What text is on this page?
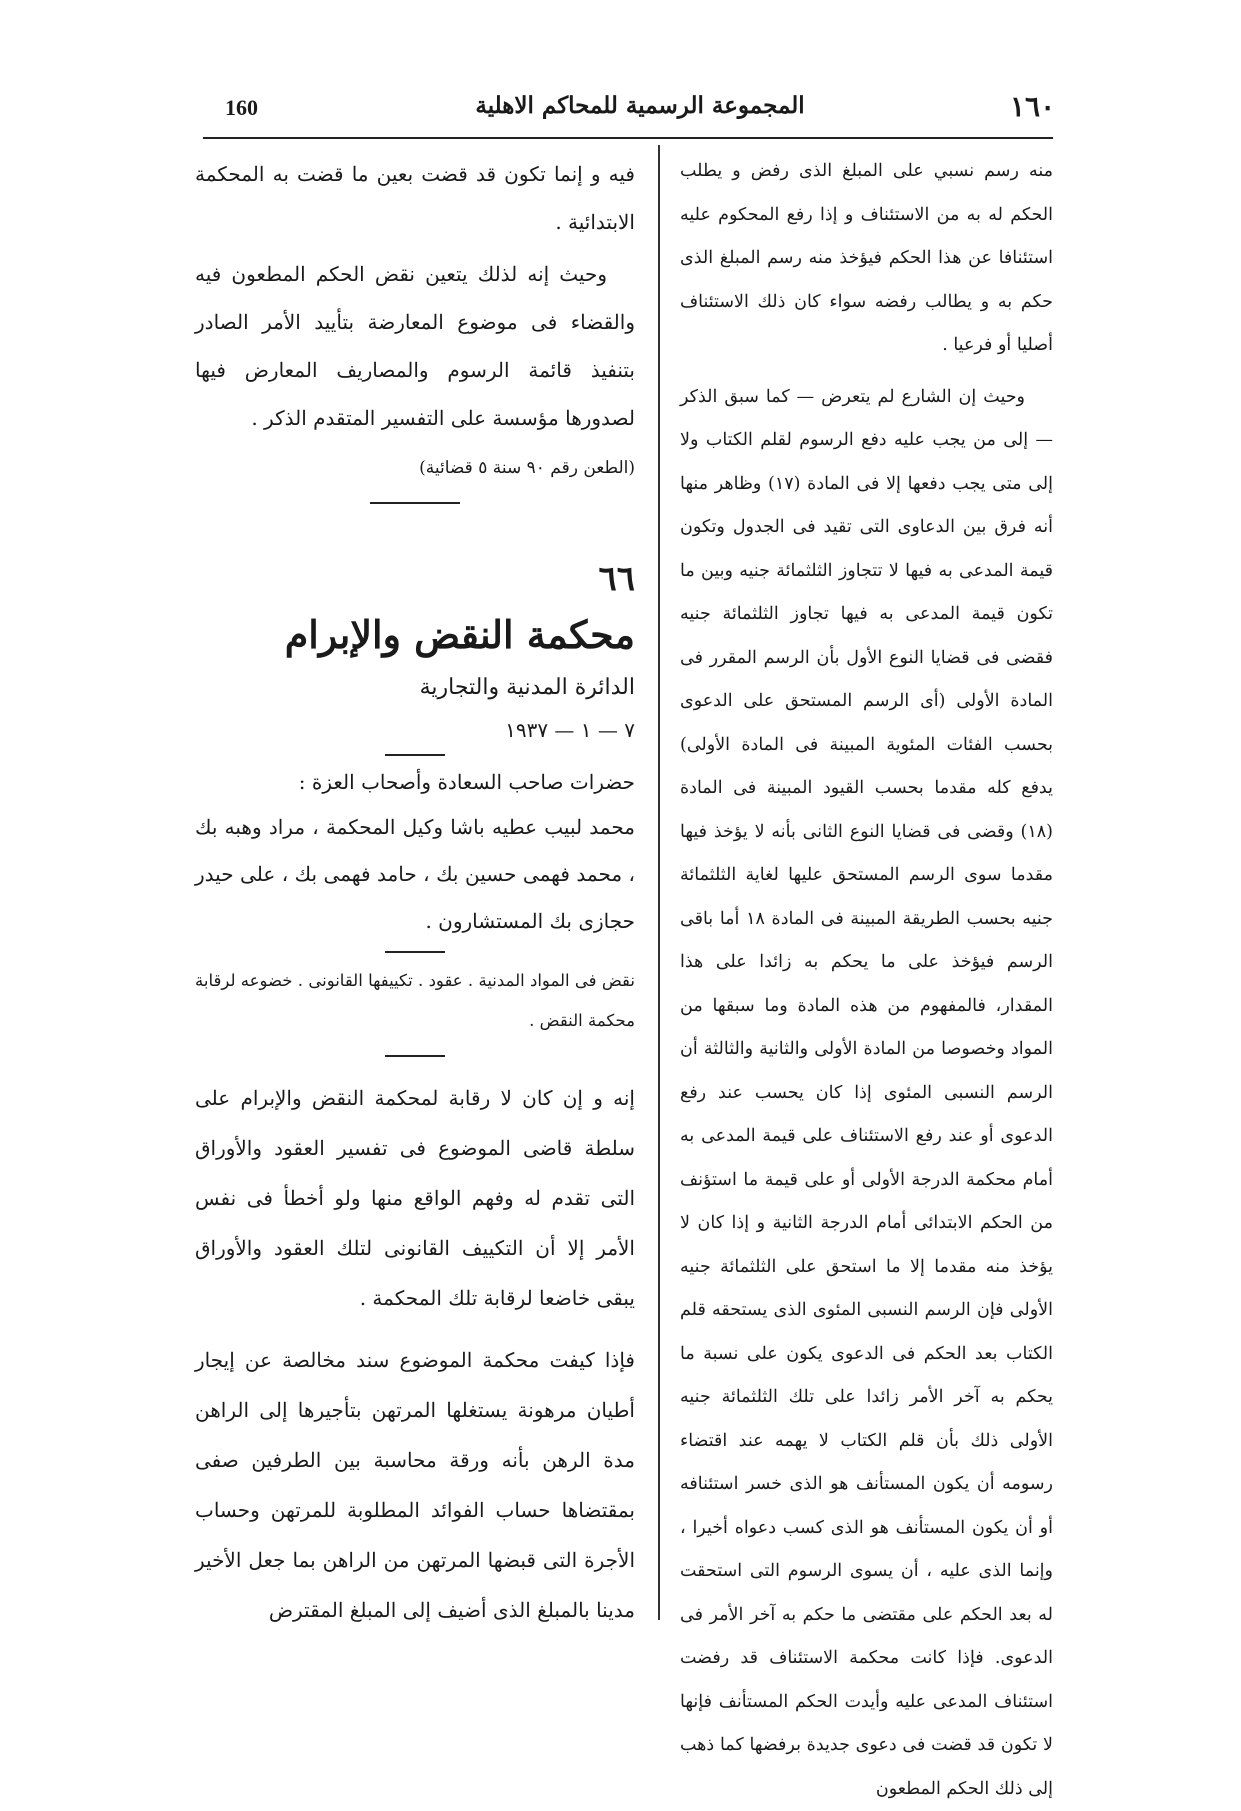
160	المجموعة الرسمية للمحاكم الاهلية	١٦٠

منه رسم نسبي على المبلغ الذى رفض و يطلب الحكم له به من الاستئناف و إذا رفع المحكوم عليه استئنافا عن هذا الحكم فيؤخذ منه رسم المبلغ الذى حكم به و يطالب رفضه سواء كان ذلك الاستئناف أصليا أو فرعيا .

وحيث إن الشارع لم يتعرض — كما سبق الذكر — إلى من يجب عليه دفع الرسوم لقلم الكتاب ولا إلى متى يجب دفعها إلا فى المادة (١٧) وظاهر منها أنه فرق بين الدعاوى التى تقيد فى الجدول وتكون قيمة المدعى به فيها لا تتجاوز الثلثمائة جنيه وبين ما تكون قيمة المدعى به فيها تجاوز الثلثمائة جنيه فقضى فى قضايا النوع الأول بأن الرسم المقرر فى المادة الأولى (أى الرسم المستحق على الدعوى بحسب الفئات المئوية المبينة فى المادة الأولى) يدفع كله مقدما بحسب القيود المبينة فى المادة (١٨) وقضى فى قضايا النوع الثانى بأنه لا يؤخذ فيها مقدما سوى الرسم المستحق عليها لغاية الثلثمائة جنيه بحسب الطريقة المبينة فى المادة ١٨ أما باقى الرسم فيؤخذ على ما يحكم به زائدا على هذا المقدار، فالمفهوم من هذه المادة وما سبقها من المواد وخصوصا من المادة الأولى والثانية والثالثة أن الرسم النسبى المئوى إذا كان يحسب عند رفع الدعوى أو عند رفع الاستئناف على قيمة المدعى به أمام محكمة الدرجة الأولى أو على قيمة ما استؤنف من الحكم الابتدائى أمام الدرجة الثانية و إذا كان لا يؤخذ منه مقدما إلا ما استحق على الثلثمائة جنيه الأولى فإن الرسم النسبى المئوى الذى يستحقه قلم الكتاب بعد الحكم فى الدعوى يكون على نسبة ما يحكم به آخر الأمر زائدا على تلك الثلثمائة جنيه الأولى ذلك بأن قلم الكتاب لا يهمه عند اقتضاء رسومه أن يكون المستأنف هو الذى خسر استئنافه أو أن يكون المستأنف هو الذى كسب دعواه أخيرا ، وإنما الذى عليه ، أن يسوى الرسوم التى استحقت له بعد الحكم على مقتضى ما حكم به آخر الأمر فى الدعوى. فإذا كانت محكمة الاستئناف قد رفضت استئناف المدعى عليه وأيدت الحكم المستأنف فإنها لا تكون قد قضت فى دعوى جديدة برفضها كما ذهب إلى ذلك الحكم المطعون

فيه و إنما تكون قد قضت بعين ما قضت به المحكمة الابتدائية .

وحيث إنه لذلك يتعين نقض الحكم المطعون فيه والقضاء فى موضوع المعارضة بتأييد الأمر الصادر بتنفيذ قائمة الرسوم والمصاريف المعارض فيها لصدورها مؤسسة على التفسير المتقدم الذكر .

(الطعن رقم ٩٠ سنة ٥ قضائية)

٦٦
محكمة النقض والإبرام
الدائرة المدنية والتجارية
٧ — ١ — ١٩٣٧

حضرات صاحب السعادة وأصحاب العزة :

محمد لبيب عطيه باشا وكيل المحكمة ، مراد وهبه بك ، محمد فهمى حسين بك ، حامد فهمى بك ، على حيدر حجازى بك المستشارون .

نقض فى المواد المدنية . عقود . تكييفها القانونى . خضوعه لرقابة محكمة النقض .

إنه و إن كان لا رقابة لمحكمة النقض والإبرام على سلطة قاضى الموضوع فى تفسير العقود والأوراق التى تقدم له وفهم الواقع منها ولو أخطأ فى نفس الأمر إلا أن التكييف القانونى لتلك العقود والأوراق يبقى خاضعا لرقابة تلك المحكمة .

فإذا كيفت محكمة الموضوع سند مخالصة عن إيجار أطيان مرهونة يستغلها المرتهن بتأجيرها إلى الراهن مدة الرهن بأنه ورقة محاسبة بين الطرفين صفى بمقتضاها حساب الفوائد المطلوبة للمرتهن وحساب الأجرة التى قبضها المرتهن من الراهن بما جعل الأخير مدينا بالمبلغ الذى أضيف إلى المبلغ المقترض
